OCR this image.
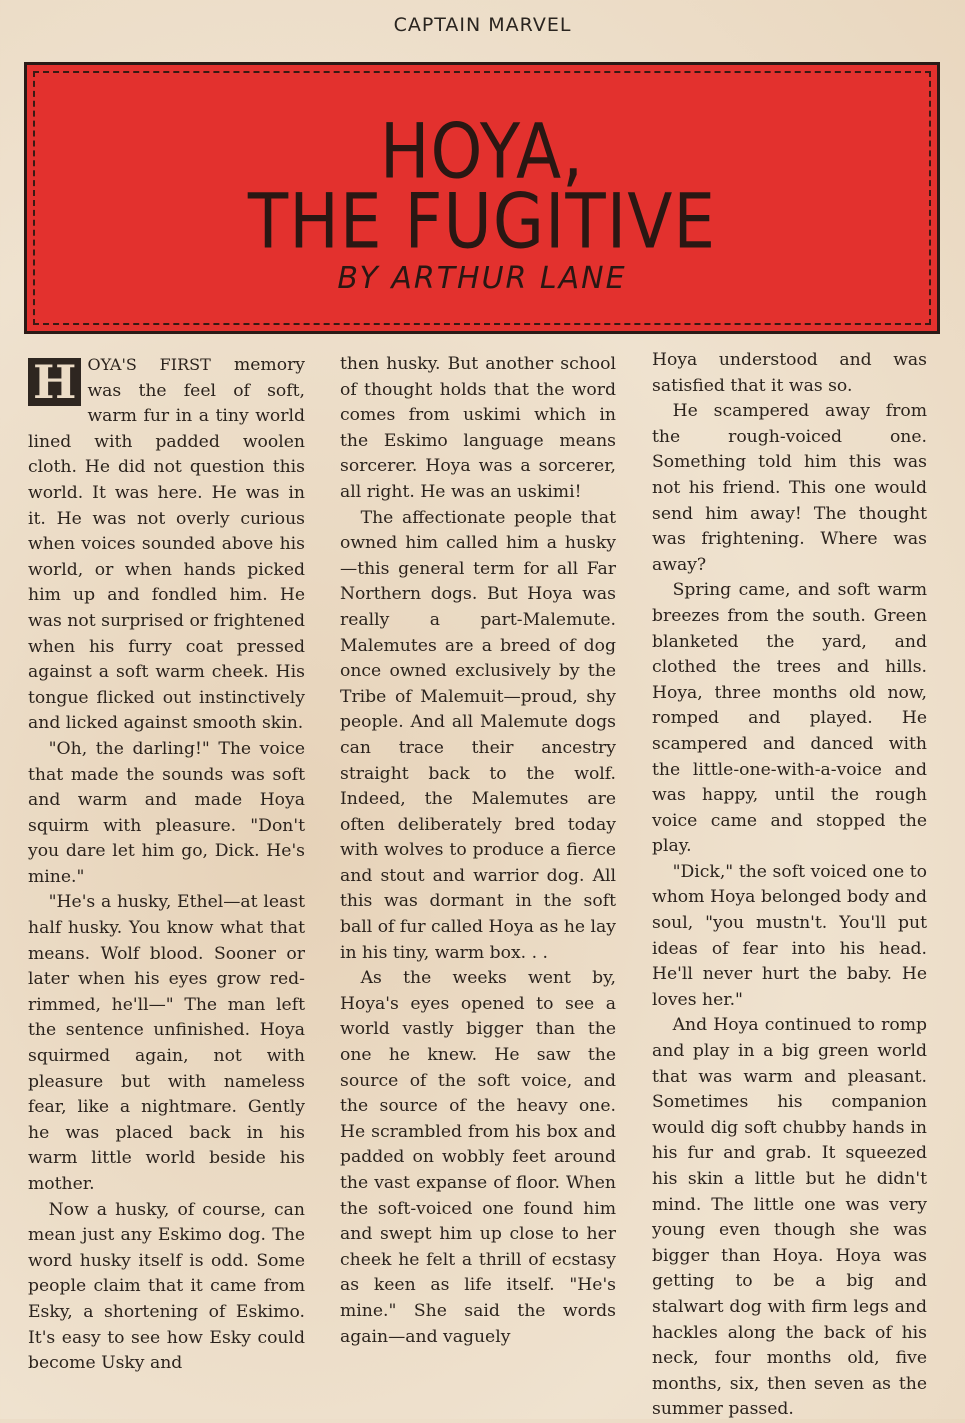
CAPTAIN MARVEL
HOYA,
THE FUGITIVE
BY ARTHUR LANE

H OYA'S FIRST memory was the feel of soft, warm fur in a tiny world lined with padded woolen cloth. He did not question this world. It was here. He was in it. He was not overly curious when voices sounded above his world, or when hands picked him up and fondled him. He was not surprised or frightened when his furry coat pressed against a soft warm cheek. His tongue flicked out instinctively and licked against smooth skin.

"Oh, the darling!" The voice that made the sounds was soft and warm and made Hoya squirm with pleasure. "Don't you dare let him go, Dick. He's mine."

"He's a husky, Ethel—at least half husky. You know what that means. Wolf blood. Sooner or later when his eyes grow red-rimmed, he'll—" The man left the sentence unfinished. Hoya squirmed again, not with pleasure but with nameless fear, like a nightmare. Gently he was placed back in his warm little world beside his mother.

Now a husky, of course, can mean just any Eskimo dog. The word husky itself is odd. Some people claim that it came from Esky, a shortening of Eskimo. It's easy to see how Esky could become Usky and

then husky. But another school of thought holds that the word comes from uskimi which in the Eskimo language means sorcerer. Hoya was a sorcerer, all right. He was an uskimi!

The affectionate people that owned him called him a husky—this general term for all Far Northern dogs. But Hoya was really a part-Malemute. Malemutes are a breed of dog once owned exclusively by the Tribe of Malemuit—proud, shy people. And all Malemute dogs can trace their ancestry straight back to the wolf. Indeed, the Malemutes are often deliberately bred today with wolves to produce a fierce and stout and warrior dog. All this was dormant in the soft ball of fur called Hoya as he lay in his tiny, warm box. . .

As the weeks went by, Hoya's eyes opened to see a world vastly bigger than the one he knew. He saw the source of the soft voice, and the source of the heavy one. He scrambled from his box and padded on wobbly feet around the vast expanse of floor. When the soft-voiced one found him and swept him up close to her cheek he felt a thrill of ecstasy as keen as life itself. "He's mine." She said the words again—and vaguely

Hoya understood and was satisfied that it was so.

He scampered away from the rough-voiced one. Something told him this was not his friend. This one would send him away! The thought was frightening. Where was away?

Spring came, and soft warm breezes from the south. Green blanketed the yard, and clothed the trees and hills. Hoya, three months old now, romped and played. He scampered and danced with the little-one-with-a-voice and was happy, until the rough voice came and stopped the play.

"Dick," the soft voiced one to whom Hoya belonged body and soul, "you mustn't. You'll put ideas of fear into his head. He'll never hurt the baby. He loves her."

And Hoya continued to romp and play in a big green world that was warm and pleasant. Sometimes his companion would dig soft chubby hands in his fur and grab. It squeezed his skin a little but he didn't mind. The little one was very young even though she was bigger than Hoya. Hoya was getting to be a big and stalwart dog with firm legs and hackles along the back of his neck, four months old, five months, six, then seven as the summer passed.
